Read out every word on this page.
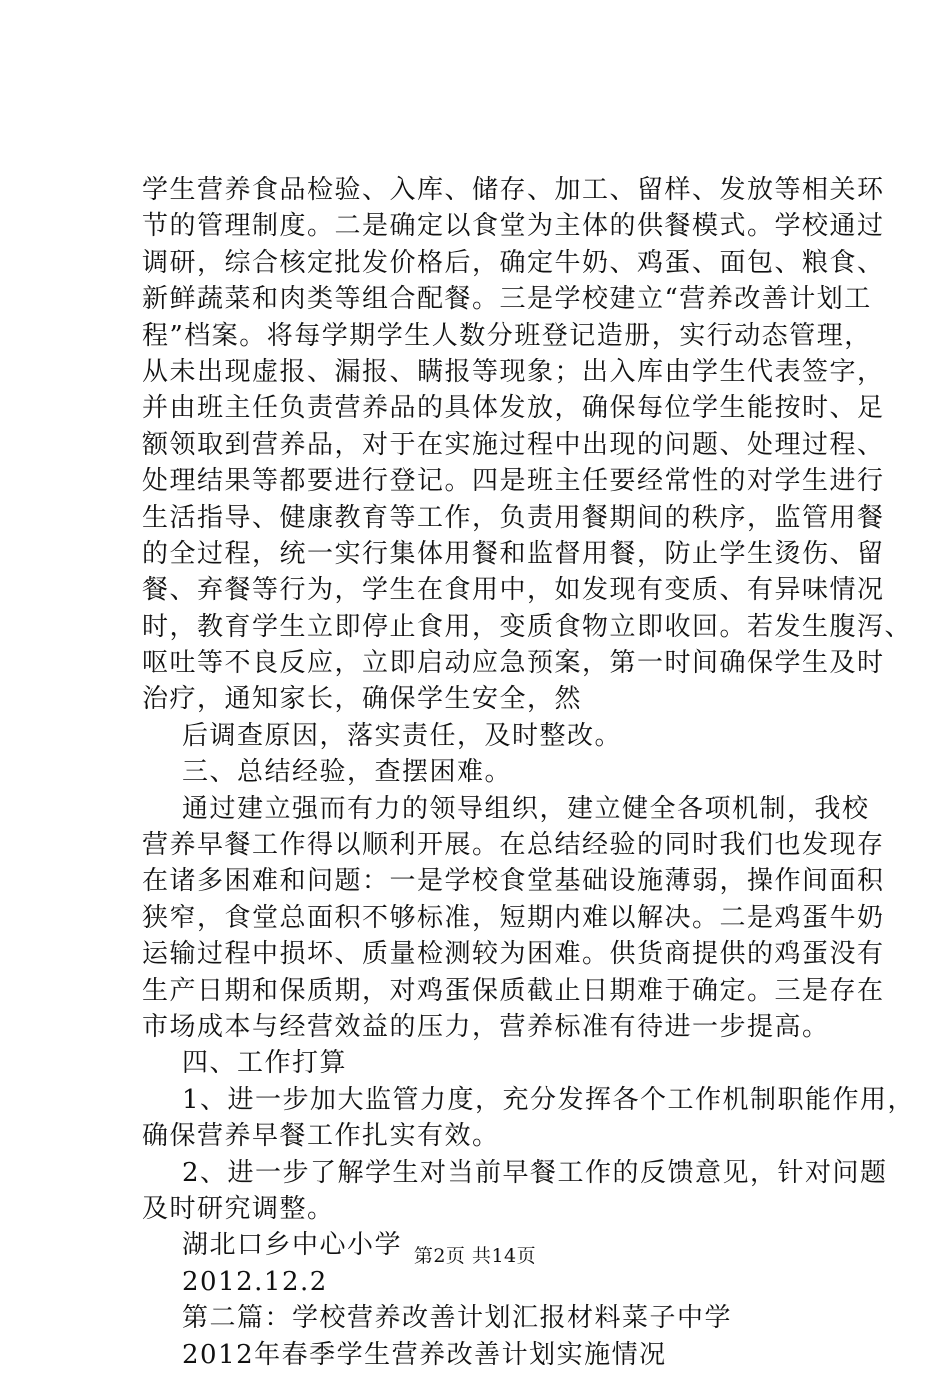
学生营养食品检验、入库、储存、加工、留样、发放等相关环
节的管理制度。二是确定以食堂为主体的供餐模式。学校通过
调研，综合核定批发价格后，确定牛奶、鸡蛋、面包、粮食、
新鲜蔬菜和肉类等组合配餐。三是学校建立“营养改善计划工
程”档案。将每学期学生人数分班登记造册，实行动态管理，
从未出现虚报、漏报、瞒报等现象；出入库由学生代表签字，
并由班主任负责营养品的具体发放，确保每位学生能按时、足
额领取到营养品，对于在实施过程中出现的问题、处理过程、
处理结果等都要进行登记。四是班主任要经常性的对学生进行
生活指导、健康教育等工作，负责用餐期间的秩序，监管用餐
的全过程，统一实行集体用餐和监督用餐，防止学生烫伤、留
餐、弃餐等行为，学生在食用中，如发现有变质、有异味情况
时，教育学生立即停止食用，变质食物立即收回。若发生腹泻、
呕吐等不良反应，立即启动应急预案，第一时间确保学生及时
治疗，通知家长，确保学生安全，然
后调查原因，落实责任，及时整改。
三、总结经验，查摆困难。
通过建立强而有力的领导组织，建立健全各项机制，我校
营养早餐工作得以顺利开展。在总结经验的同时我们也发现存
在诸多困难和问题：一是学校食堂基础设施薄弱，操作间面积
狭窄，食堂总面积不够标准，短期内难以解决。二是鸡蛋牛奶
运输过程中损坏、质量检测较为困难。供货商提供的鸡蛋没有
生产日期和保质期，对鸡蛋保质截止日期难于确定。三是存在
市场成本与经营效益的压力，营养标准有待进一步提高。
四、工作打算
1、进一步加大监管力度，充分发挥各个工作机制职能作用，
确保营养早餐工作扎实有效。
2、进一步了解学生对当前早餐工作的反馈意见，针对问题
及时研究调整。
湖北口乡中心小学
2012.12.2
第二篇：学校营养改善计划汇报材料菜子中学
2012年春季学生营养改善计划实施情况
第2页 共14页
